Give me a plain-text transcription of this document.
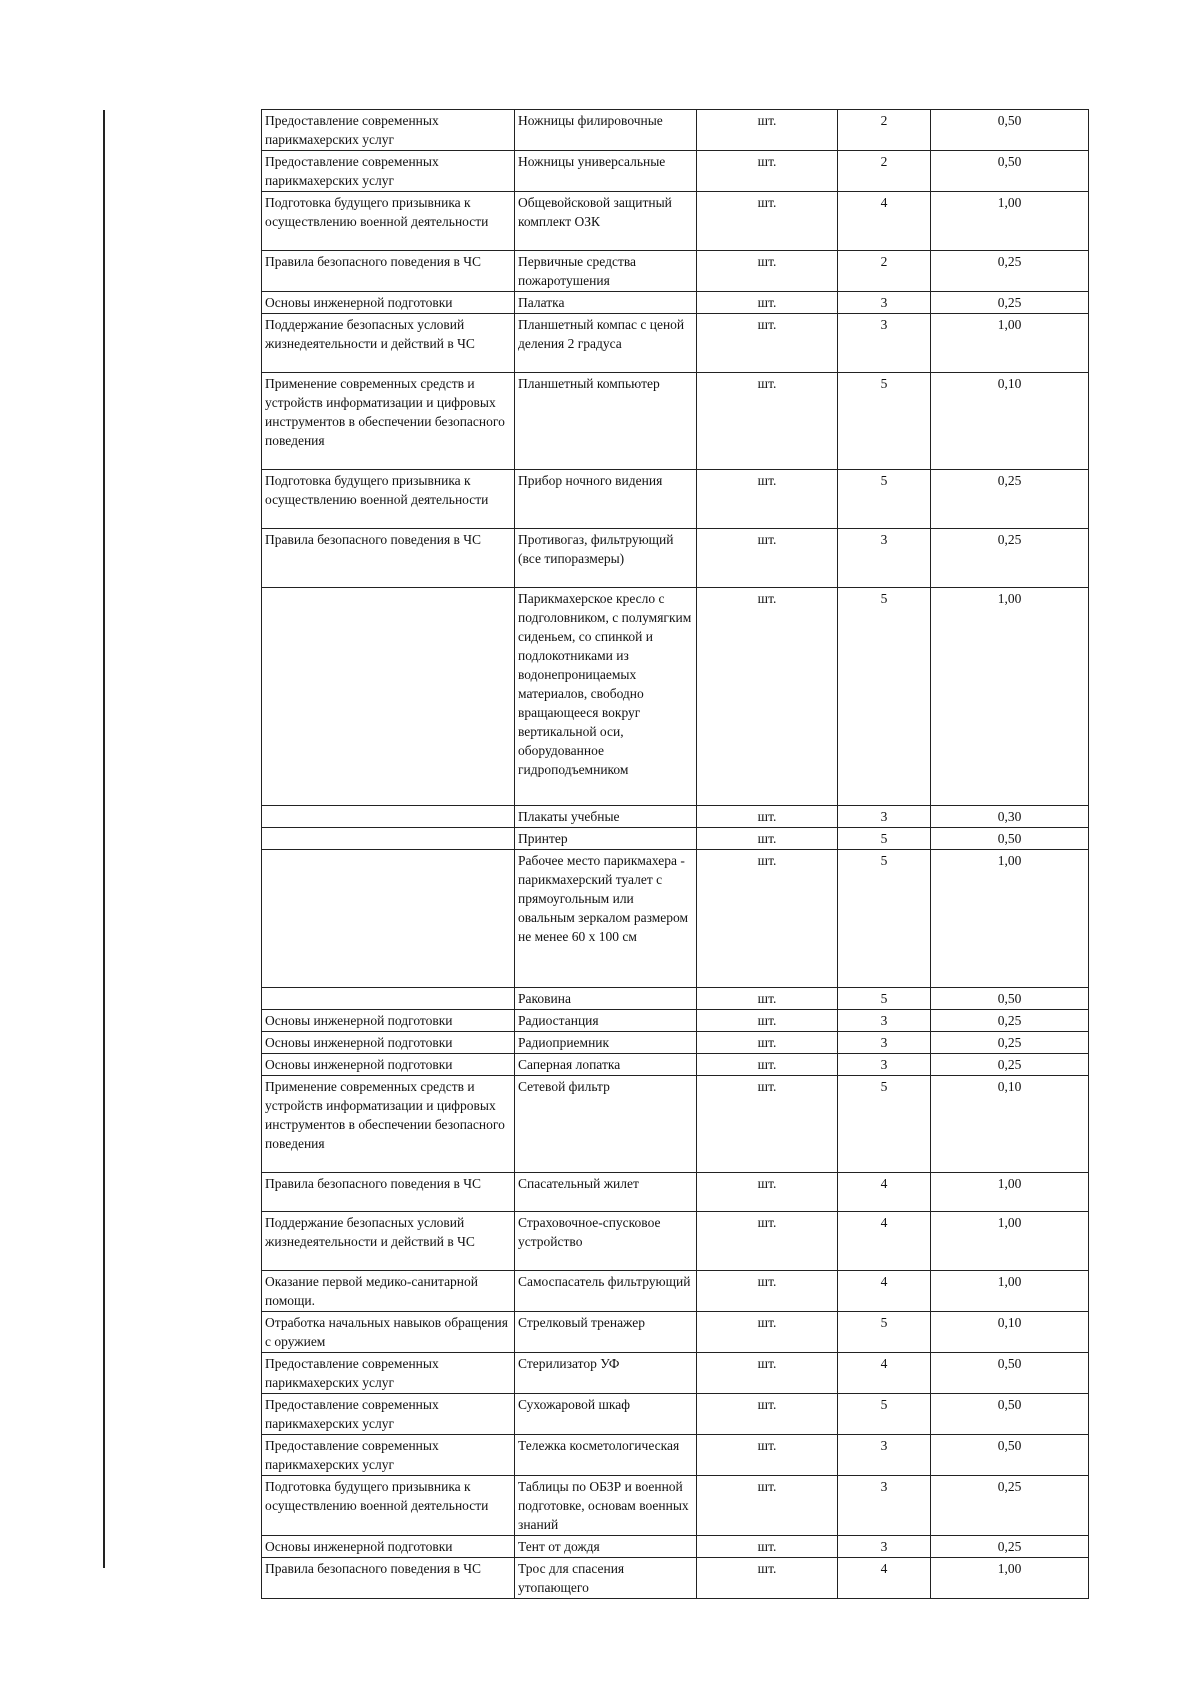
Предоставление современных парикмахерских услуг	Ножницы филировочные	шт.	2	0,50
Предоставление современных парикмахерских услуг	Ножницы универсальные	шт.	2	0,50
Подготовка будущего призывника к осуществлению военной деятельности	Общевойсковой защитный комплект ОЗК	шт.	4	1,00
Правила безопасного поведения в ЧС	Первичные средства пожаротушения	шт.	2	0,25
Основы инженерной подготовки	Палатка	шт.	3	0,25
Поддержание безопасных условий жизнедеятельности и действий в ЧС	Планшетный компас с ценой деления 2 градуса	шт.	3	1,00
Применение современных средств и устройств информатизации и цифровых инструментов в обеспечении безопасного поведения	Планшетный компьютер	шт.	5	0,10
Подготовка будущего призывника к осуществлению военной деятельности	Прибор ночного видения	шт.	5	0,25
Правила безопасного поведения в ЧС	Противогаз, фильтрующий (все типоразмеры)	шт.	3	0,25
	Парикмахерское кресло с подголовником, с полумягким сиденьем, со спинкой и подлокотниками из водонепроницаемых материалов, свободно вращающееся вокруг вертикальной оси, оборудованное гидроподъемником	шт.	5	1,00
	Плакаты учебные	шт.	3	0,30
	Принтер	шт.	5	0,50
	Рабочее место парикмахера - парикмахерский туалет с прямоугольным или овальным зеркалом размером не менее 60 х 100 см	шт.	5	1,00
	Раковина	шт.	5	0,50
Основы инженерной подготовки	Радиостанция	шт.	3	0,25
Основы инженерной подготовки	Радиоприемник	шт.	3	0,25
Основы инженерной подготовки	Саперная лопатка	шт.	3	0,25
Применение современных средств и устройств информатизации и цифровых инструментов в обеспечении безопасного поведения	Сетевой фильтр	шт.	5	0,10
Правила безопасного поведения в ЧС	Спасательный жилет	шт.	4	1,00
Поддержание безопасных условий жизнедеятельности и действий в ЧС	Страховочное-спусковое устройство	шт.	4	1,00
Оказание первой медико-санитарной помощи.	Самоспасатель фильтрующий	шт.	4	1,00
Отработка начальных навыков обращения с оружием	Стрелковый тренажер	шт.	5	0,10
Предоставление современных парикмахерских услуг	Стерилизатор УФ	шт.	4	0,50
Предоставление современных парикмахерских услуг	Сухожаровой шкаф	шт.	5	0,50
Предоставление современных парикмахерских услуг	Тележка косметологическая	шт.	3	0,50
Подготовка будущего призывника к осуществлению военной деятельности	Таблицы по ОБЗР и военной подготовке, основам военных знаний	шт.	3	0,25
Основы инженерной подготовки	Тент от дождя	шт.	3	0,25
Правила безопасного поведения в ЧС	Трос для спасения утопающего	шт.	4	1,00
